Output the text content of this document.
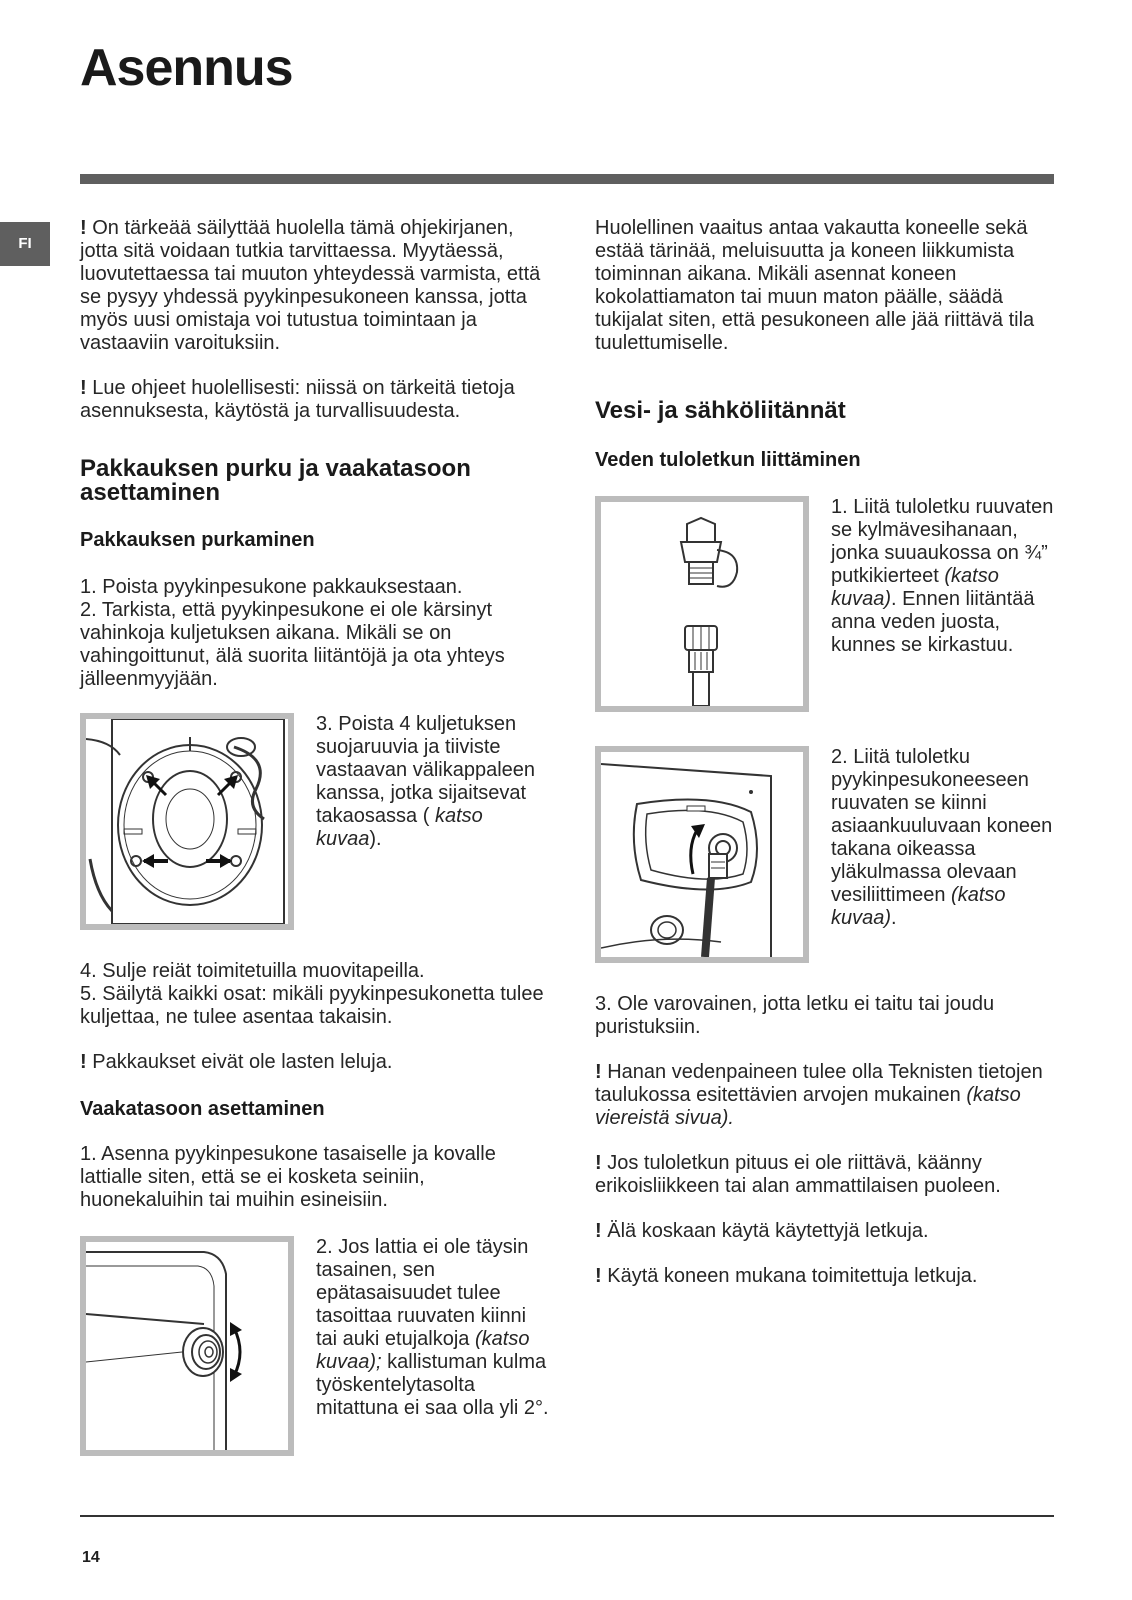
Asennus
FI

! On tärkeää säilyttää huolella tämä ohjekirjanen, jotta sitä voidaan tutkia tarvittaessa. Myytäessä, luovutettaessa tai muuton yhteydessä varmista, että se pysyy yhdessä pyykinpesukoneen kanssa, jotta myös uusi omistaja voi tutustua toimintaan ja vastaaviin varoituksiin.

! Lue ohjeet huolellisesti: niissä on tärkeitä tietoja asennuksesta, käytöstä ja turvallisuudesta.

Pakkauksen purku ja vaakatasoon asettaminen
Pakkauksen purkaminen

1. Poista pyykinpesukone pakkauksestaan.

2. Tarkista, että pyykinpesukone ei ole kärsinyt vahinkoja kuljetuksen aikana. Mikäli se on vahingoittunut, älä suorita liitäntöjä ja ota yhteys jälleenmyyjään.

3. Poista 4 kuljetuksen suojaruuvia ja tiiviste vastaavan välikappaleen kanssa, jotka sijaitsevat takaosassa ( katso kuvaa).

4. Sulje reiät toimitetuilla muovitapeilla.

5. Säilytä kaikki osat: mikäli pyykinpesukonetta tulee kuljettaa, ne tulee asentaa takaisin.

! Pakkaukset eivät ole lasten leluja.

Vaakatasoon asettaminen

1. Asenna pyykinpesukone tasaiselle ja kovalle lattialle siten, että se ei kosketa seiniin, huonekaluihin tai muihin esineisiin.

2. Jos lattia ei ole täysin tasainen, sen epätasaisuudet tulee tasoittaa ruuvaten kiinni tai auki etujalkoja (katso kuvaa); kallistuman kulma työskentelytasolta mitattuna ei saa olla yli 2°.

Huolellinen vaaitus antaa vakautta koneelle sekä estää tärinää, meluisuutta ja koneen liikkumista toiminnan aikana. Mikäli asennat koneen kokolattiamaton tai muun maton päälle, säädä tukijalat siten, että pesukoneen alle jää riittävä tila tuulettumiselle.

Vesi- ja sähköliitännät
Veden tuloletkun liittäminen

1. Liitä tuloletku ruuvaten se kylmävesihanaan, jonka suuaukossa on ¾” putkikierteet (katso kuvaa). Ennen liitäntää anna veden juosta, kunnes se kirkastuu.

2. Liitä tuloletku pyykinpesukoneeseen ruuvaten se kiinni asiaankuuluvaan koneen takana oikeassa yläkulmassa olevaan vesiliittimeen (katso kuvaa).

3. Ole varovainen, jotta letku ei taitu tai joudu puristuksiin.

! Hanan vedenpaineen tulee olla Teknisten tietojen taulukossa esitettävien arvojen mukainen (katso viereistä sivua).

! Jos tuloletkun pituus ei ole riittävä, käänny erikoisliikkeen tai alan ammattilaisen puoleen.

! Älä koskaan käytä käytettyjä letkuja.

! Käytä koneen mukana toimitettuja letkuja.

14
